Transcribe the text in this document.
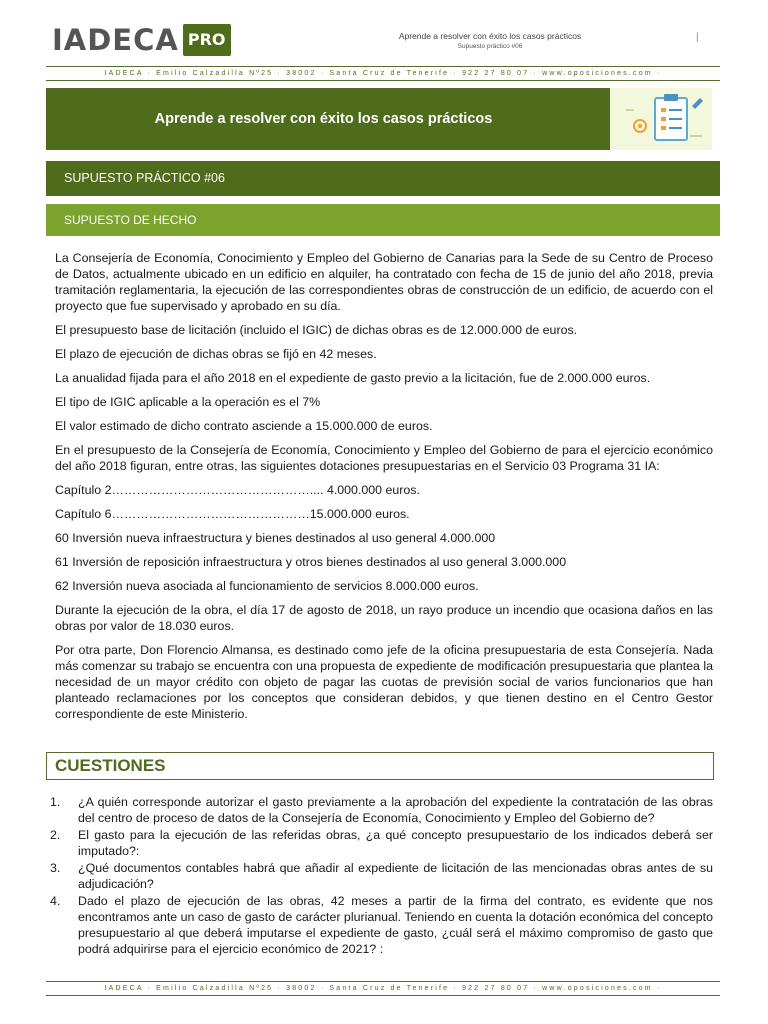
IADECA PRO	Aprende a resolver con éxito los casos prácticos
Supuesto práctico #06
|
IADECA · Emilio Calzadilla Nº25 · 38002 · Santa Cruz de Tenerife · 922 27 80 07 · www.oposiciones.com ·
Aprende a resolver con éxito los casos prácticos
SUPUESTO PRÁCTICO #06
SUPUESTO DE HECHO

La Consejería de Economía, Conocimiento y Empleo del Gobierno de Canarias para la Sede de su Centro de Proceso de Datos, actualmente ubicado en un edificio en alquiler, ha contratado con fecha de 15 de junio del año 2018, previa tramitación reglamentaria, la ejecución de las correspondientes obras de construcción de un edificio, de acuerdo con el proyecto que fue supervisado y aprobado en su día.

El presupuesto base de licitación (incluido el IGIC) de dichas obras es de 12.000.000 de euros.

El plazo de ejecución de dichas obras se fijó en 42 meses.

La anualidad fijada para el año 2018 en el expediente de gasto previo a la licitación, fue de 2.000.000 euros.

El tipo de IGIC aplicable a la operación es el 7%

El valor estimado de dicho contrato asciende a 15.000.000 de euros.

En el presupuesto de la Consejería de Economía, Conocimiento y Empleo del Gobierno de para el ejercicio económico del año 2018 figuran, entre otras, las siguientes dotaciones presupuestarias en el Servicio 03 Programa 31 IA:

Capítulo 2………………………………………….... 4.000.000 euros.

Capítulo 6…………………………………………15.000.000 euros.

60 Inversión nueva infraestructura y bienes destinados al uso general 4.000.000

61 Inversión de reposición infraestructura y otros bienes destinados al uso general 3.000.000

62 Inversión nueva asociada al funcionamiento de servicios 8.000.000 euros.

Durante la ejecución de la obra, el día 17 de agosto de 2018, un rayo produce un incendio que ocasiona daños en las obras por valor de 18.030 euros.

Por otra parte, Don Florencio Almansa, es destinado como jefe de la oficina presupuestaria de esta Consejería. Nada más comenzar su trabajo se encuentra con una propuesta de expediente de modificación presupuestaria que plantea la necesidad de un mayor crédito con objeto de pagar las cuotas de previsión social de varios funcionarios que han planteado reclamaciones por los conceptos que consideran debidos, y que tienen destino en el Centro Gestor correspondiente de este Ministerio.

CUESTIONES
1.	¿A quién corresponde autorizar el gasto previamente a la aprobación del expediente la contratación de las obras del centro de proceso de datos de la Consejería de Economía, Conocimiento y Empleo del Gobierno de?
2.	El gasto para la ejecución de las referidas obras, ¿a qué concepto presupuestario de los indicados deberá ser imputado?:
3.	¿Qué documentos contables habrá que añadir al expediente de licitación de las mencionadas obras antes de su adjudicación?
4.	Dado el plazo de ejecución de las obras, 42 meses a partir de la firma del contrato, es evidente que nos encontramos ante un caso de gasto de carácter plurianual. Teniendo en cuenta la dotación económica del concepto presupuestario al que deberá imputarse el expediente de gasto, ¿cuál será el máximo compromiso de gasto que podrá adquirirse para el ejercicio económico de 2021? :
IADECA · Emilio Calzadilla Nº25 · 38002 · Santa Cruz de Tenerife · 922 27 80 07 · www.oposiciones.com ·
